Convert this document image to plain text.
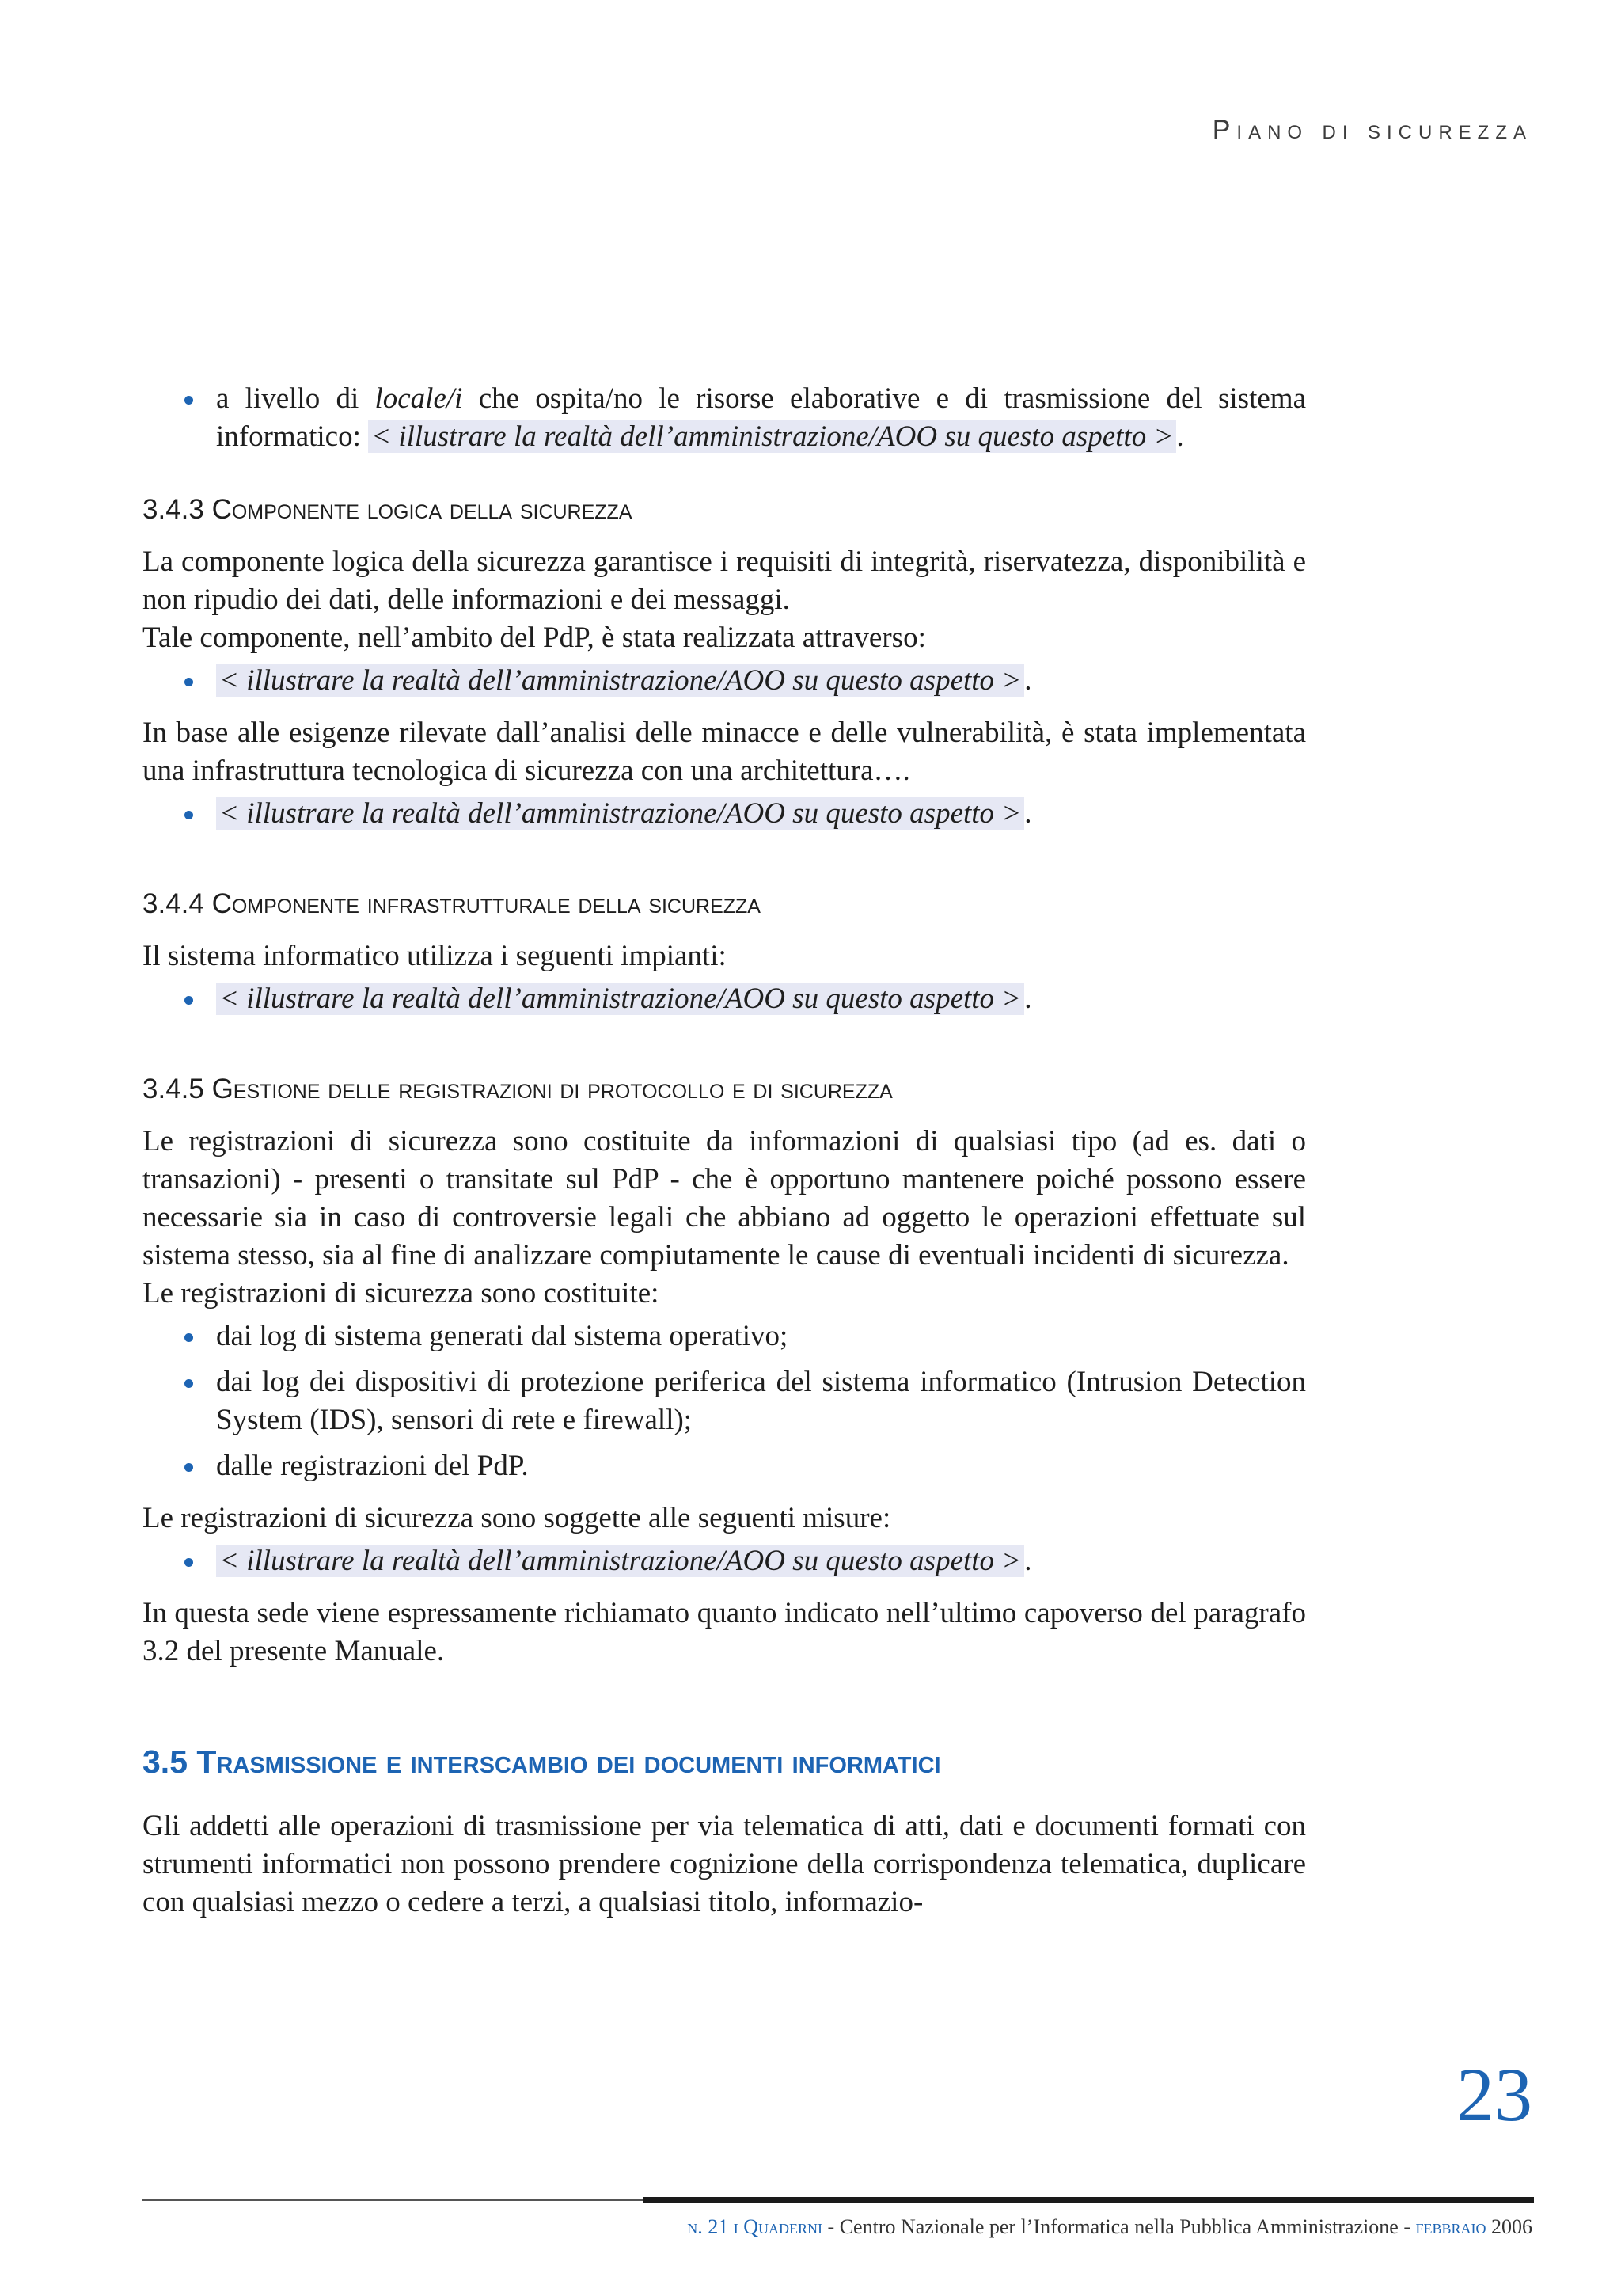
Piano di sicurezza
a livello di locale/i che ospita/no le risorse elaborative e di trasmissione del sistema informatico: < illustrare la realtà dell’amministrazione/AOO su questo aspetto > .
3.4.3 Componente logica della sicurezza

La componente logica della sicurezza garantisce i requisiti di integrità, riservatezza, disponibilità e non ripudio dei dati, delle informazioni e dei messaggi.

Tale componente, nell’ambito del PdP, è stata realizzata attraverso:

< illustrare la realtà dell’amministrazione/AOO su questo aspetto > .

In base alle esigenze rilevate dall’analisi delle minacce e delle vulnerabilità, è stata implementata una infrastruttura tecnologica di sicurezza con una architettura….

< illustrare la realtà dell’amministrazione/AOO su questo aspetto > .
3.4.4 Componente infrastrutturale della sicurezza

Il sistema informatico utilizza i seguenti impianti:

< illustrare la realtà dell’amministrazione/AOO su questo aspetto > .
3.4.5 Gestione delle registrazioni di protocollo e di sicurezza

Le registrazioni di sicurezza sono costituite da informazioni di qualsiasi tipo (ad es. dati o transazioni) - presenti o transitate sul PdP - che è opportuno mantenere poiché possono essere necessarie sia in caso di controversie legali che abbiano ad oggetto le operazioni effettuate sul sistema stesso, sia al fine di analizzare compiutamente le cause di eventuali incidenti di sicurezza.

Le registrazioni di sicurezza sono costituite:

dai log di sistema generati dal sistema operativo;
dai log dei dispositivi di protezione periferica del sistema informatico (Intrusion Detection System (IDS), sensori di rete e firewall);
dalle registrazioni del PdP.

Le registrazioni di sicurezza sono soggette alle seguenti misure:

< illustrare la realtà dell’amministrazione/AOO su questo aspetto > .

In questa sede viene espressamente richiamato quanto indicato nell’ultimo capoverso del paragrafo 3.2 del presente Manuale.

3.5 Trasmissione e interscambio dei documenti informatici

Gli addetti alle operazioni di trasmissione per via telematica di atti, dati e documenti formati con strumenti informatici non possono prendere cognizione della corrispondenza telematica, duplicare con qualsiasi mezzo o cedere a terzi, a qualsiasi titolo, informazio-

23
n. 21 i Quaderni - Centro Nazionale per l’Informatica nella Pubblica Amministrazione - febbraio 2006
